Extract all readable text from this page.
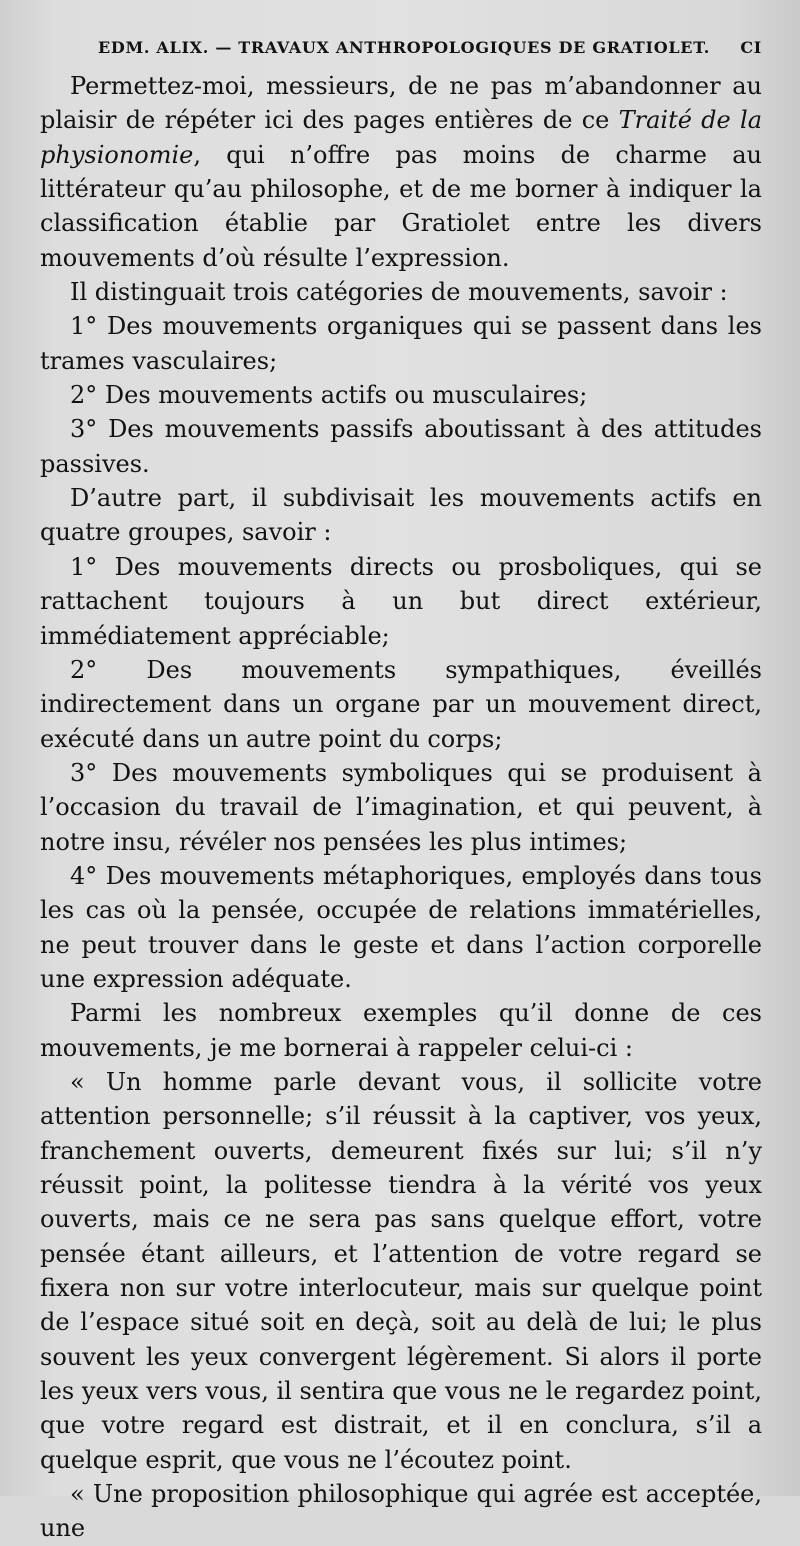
EDM. ALIX. — TRAVAUX ANTHROPOLOGIQUES DE GRATIOLET. CI

Permettez-moi, messieurs, de ne pas m’abandonner au plaisir de répéter ici des pages entières de ce Traité de la physionomie, qui n’offre pas moins de charme au littérateur qu’au philosophe, et de me borner à indiquer la classification établie par Gratiolet entre les divers mouvements d’où résulte l’expression.

Il distinguait trois catégories de mouvements, savoir :

1° Des mouvements organiques qui se passent dans les trames vasculaires;

2° Des mouvements actifs ou musculaires;

3° Des mouvements passifs aboutissant à des attitudes passives.

D’autre part, il subdivisait les mouvements actifs en quatre groupes, savoir :

1° Des mouvements directs ou prosboliques, qui se rattachent toujours à un but direct extérieur, immédiatement appréciable;

2° Des mouvements sympathiques, éveillés indirectement dans un organe par un mouvement direct, exécuté dans un autre point du corps;

3° Des mouvements symboliques qui se produisent à l’occasion du travail de l’imagination, et qui peuvent, à notre insu, révéler nos pensées les plus intimes;

4° Des mouvements métaphoriques, employés dans tous les cas où la pensée, occupée de relations immatérielles, ne peut trouver dans le geste et dans l’action corporelle une expression adéquate.

Parmi les nombreux exemples qu’il donne de ces mouvements, je me bornerai à rappeler celui-ci :

« Un homme parle devant vous, il sollicite votre attention personnelle; s’il réussit à la captiver, vos yeux, franchement ouverts, demeurent fixés sur lui; s’il n’y réussit point, la politesse tiendra à la vérité vos yeux ouverts, mais ce ne sera pas sans quelque effort, votre pensée étant ailleurs, et l’attention de votre regard se fixera non sur votre interlocuteur, mais sur quelque point de l’espace situé soit en deçà, soit au delà de lui; le plus souvent les yeux convergent légèrement. Si alors il porte les yeux vers vous, il sentira que vous ne le regardez point, que votre regard est distrait, et il en conclura, s’il a quelque esprit, que vous ne l’écoutez point.

« Une proposition philosophique qui agrée est acceptée, une
